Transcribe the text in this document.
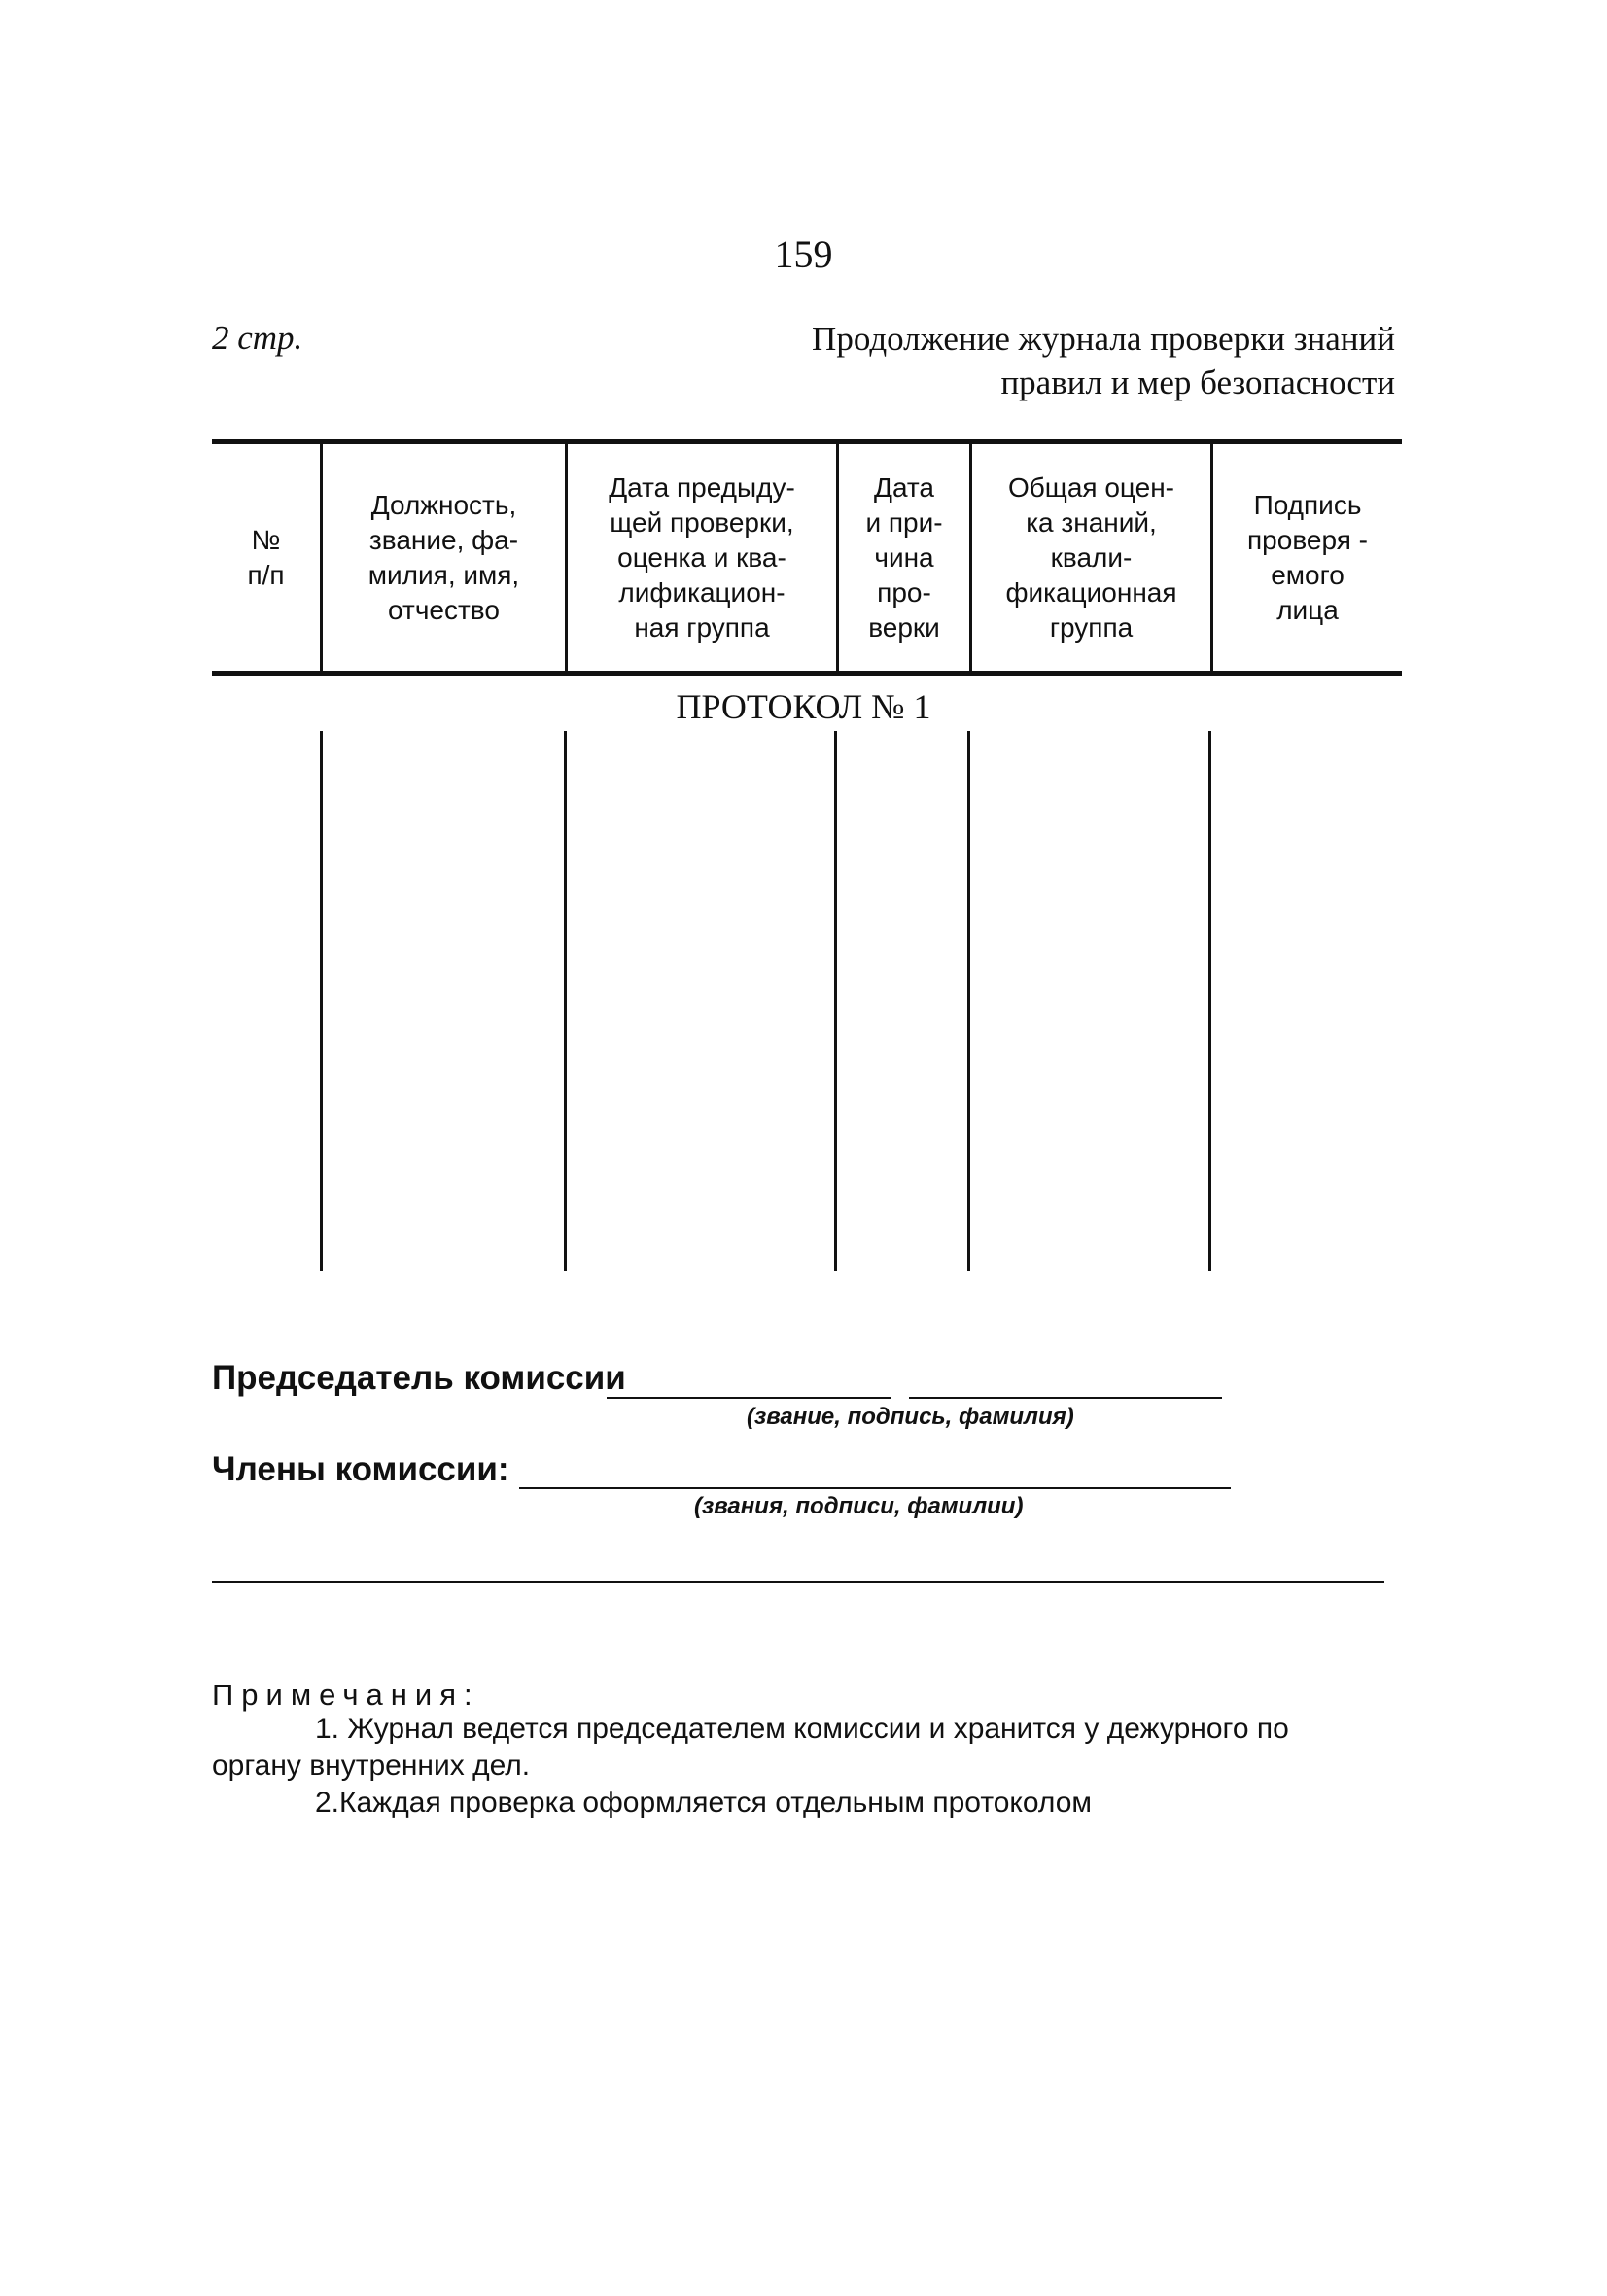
159
2 стр.	Продолжение журнала проверки знаний
правил и мер безопасности
№
п/п
Должность,
звание, фа-
милия, имя,
отчество
Дата предыду-
щей проверки,
оценка и ква-
лификацион-
ная группа
Дата
и при-
чина
про-
верки
Общая оцен-
ка знаний,
квали-
фикационная
группа
Подпись
проверя -
емого
лица
ПРОТОКОЛ № 1
Председатель комиссии
(звание, подпись, фамилия)
Члены комиссии:
(звания, подписи, фамилии)
Примечания:
1. Журнал ведется председателем комиссии и хранится у дежурного по
органу внутренних дел.
2.Каждая проверка оформляется отдельным протоколом
